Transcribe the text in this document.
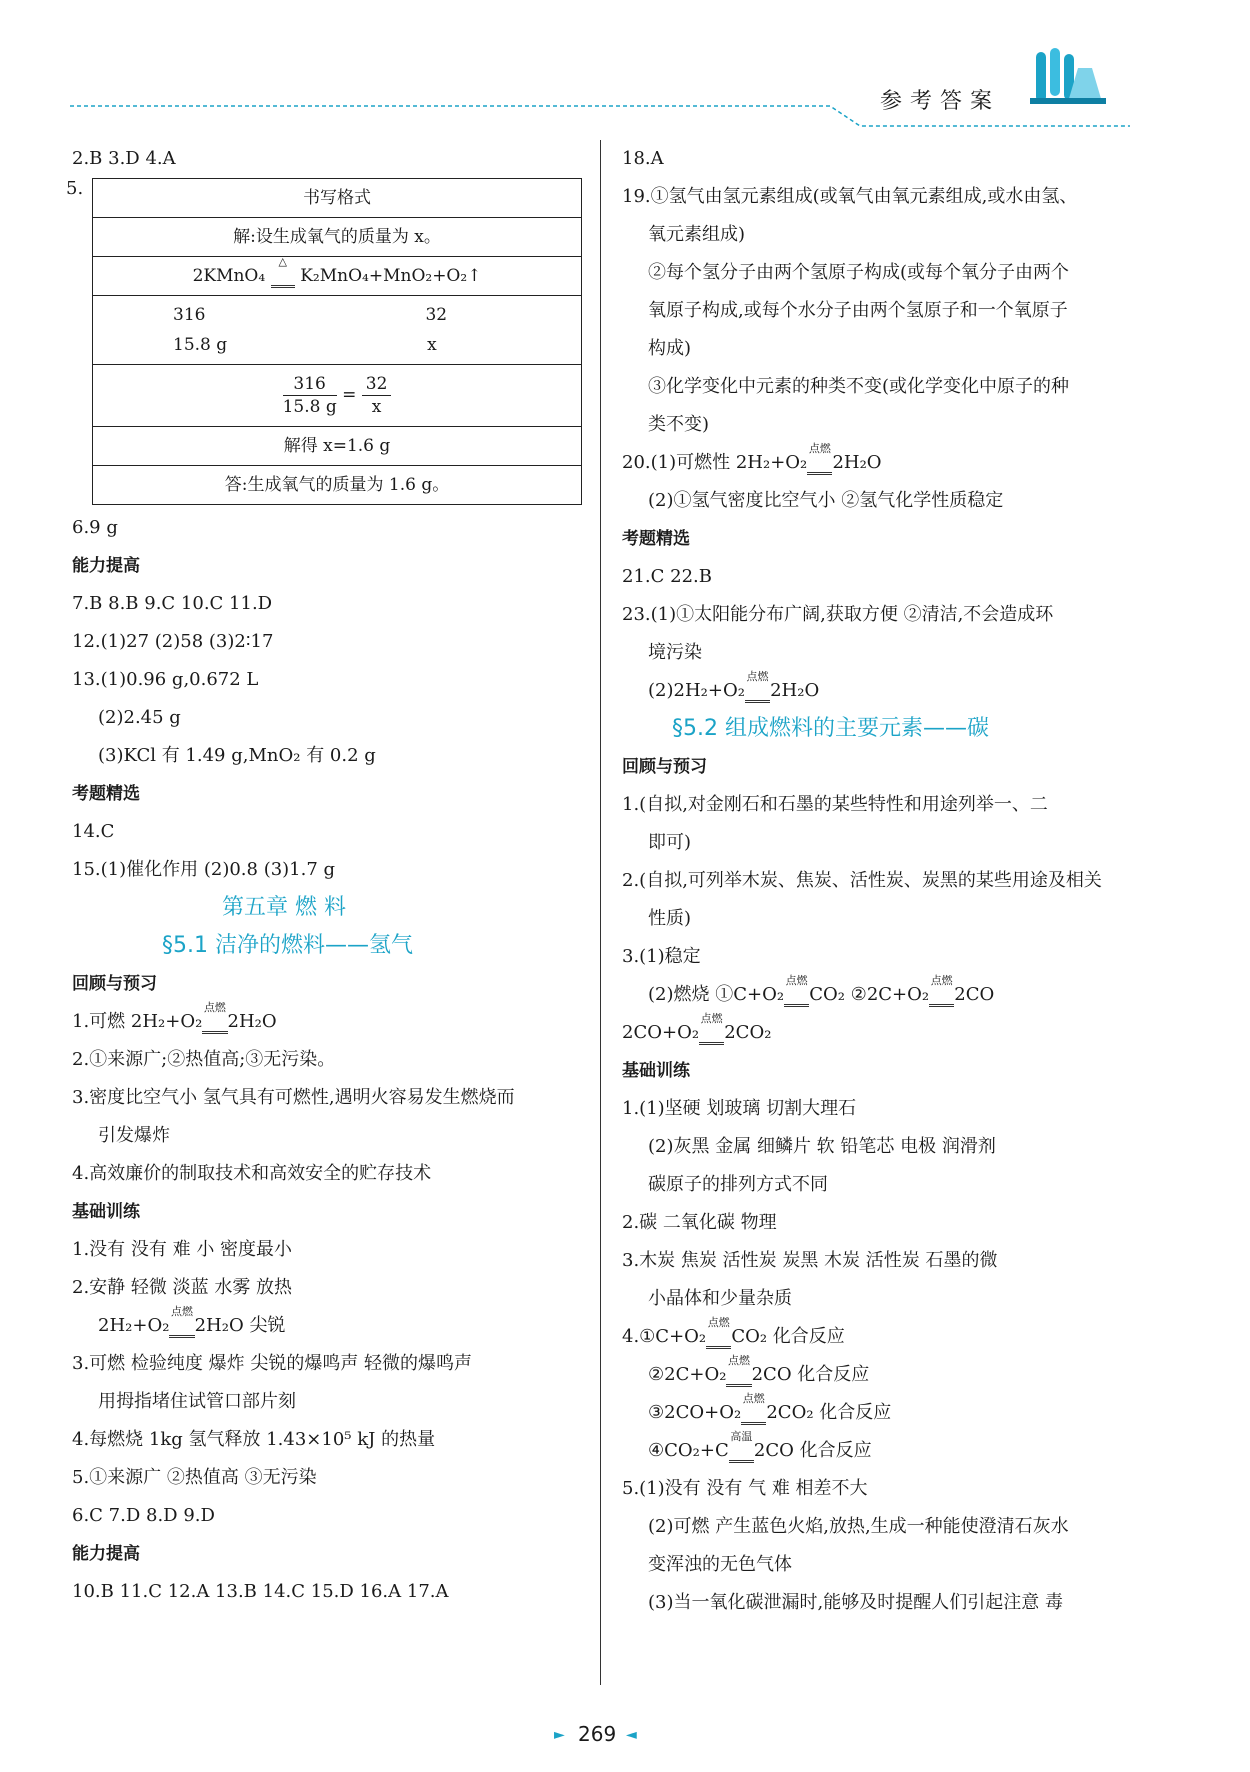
参考答案
2.B 3.D 4.A
5.	书写格式
解:设生成氧气的质量为 x。
2KMnO₄
△
K₂MnO₄+MnO₂+O₂↑

316	32
15.8 g	x

$\frac{316}{15.8 g} = \frac{32}{x}$

解得 x=1.6 g
答:生成氧气的质量为 1.6 g。
6.9 g
能力提高
7.B 8.B 9.C 10.C 11.D
12.(1)27 (2)58 (3)2∶17
13.(1)0.96 g,0.672 L
(2)2.45 g
(3)KCl 有 1.49 g,MnO₂ 有 0.2 g
考题精选
14.C
15.(1)催化作用 (2)0.8 (3)1.7 g
第五章 燃 料
§5.1 洁净的燃料——氢气
回顾与预习
1.可燃 2H₂+O₂
点燃
2H₂O
2.①来源广;②热值高;③无污染。
3.密度比空气小 氢气具有可燃性,遇明火容易发生燃烧而
引发爆炸
4.高效廉价的制取技术和高效安全的贮存技术
基础训练
1.没有 没有 难 小 密度最小
2.安静 轻微 淡蓝 水雾 放热
2H₂+O₂
点燃
2H₂O 尖锐
3.可燃 检验纯度 爆炸 尖锐的爆鸣声 轻微的爆鸣声
用拇指堵住试管口部片刻
4.每燃烧 1kg 氢气释放 1.43×10⁵ kJ 的热量
5.①来源广 ②热值高 ③无污染
6.C 7.D 8.D 9.D
能力提高
10.B 11.C 12.A 13.B 14.C 15.D 16.A 17.A
18.A
19.①氢气由氢元素组成(或氧气由氧元素组成,或水由氢、
氧元素组成)
②每个氢分子由两个氢原子构成(或每个氧分子由两个
氧原子构成,或每个水分子由两个氢原子和一个氧原子
构成)
③化学变化中元素的种类不变(或化学变化中原子的种
类不变)
20.(1)可燃性 2H₂+O₂
点燃
2H₂O
(2)①氢气密度比空气小 ②氢气化学性质稳定
考题精选
21.C 22.B
23.(1)①太阳能分布广阔,获取方便 ②清洁,不会造成环
境污染
(2)2H₂+O₂
点燃
2H₂O
§5.2 组成燃料的主要元素——碳
回顾与预习
1.(自拟,对金刚石和石墨的某些特性和用途列举一、二
即可)
2.(自拟,可列举木炭、焦炭、活性炭、炭黑的某些用途及相关
性质)
3.(1)稳定
(2)燃烧 ①C+O₂
点燃
CO₂ ②2C+O₂
点燃
2CO
2CO+O₂
点燃
2CO₂
基础训练
1.(1)坚硬 划玻璃 切割大理石
(2)灰黑 金属 细鳞片 软 铅笔芯 电极 润滑剂
碳原子的排列方式不同
2.碳 二氧化碳 物理
3.木炭 焦炭 活性炭 炭黑 木炭 活性炭 石墨的微
小晶体和少量杂质
4.①C+O₂
点燃
CO₂ 化合反应
②2C+O₂
点燃
2CO 化合反应
③2CO+O₂
点燃
2CO₂ 化合反应
④CO₂+C
高温
2CO 化合反应
5.(1)没有 没有 气 难 相差不大
(2)可燃 产生蓝色火焰,放热,生成一种能使澄清石灰水
变浑浊的无色气体
(3)当一氧化碳泄漏时,能够及时提醒人们引起注意 毒
► 269 ◄
